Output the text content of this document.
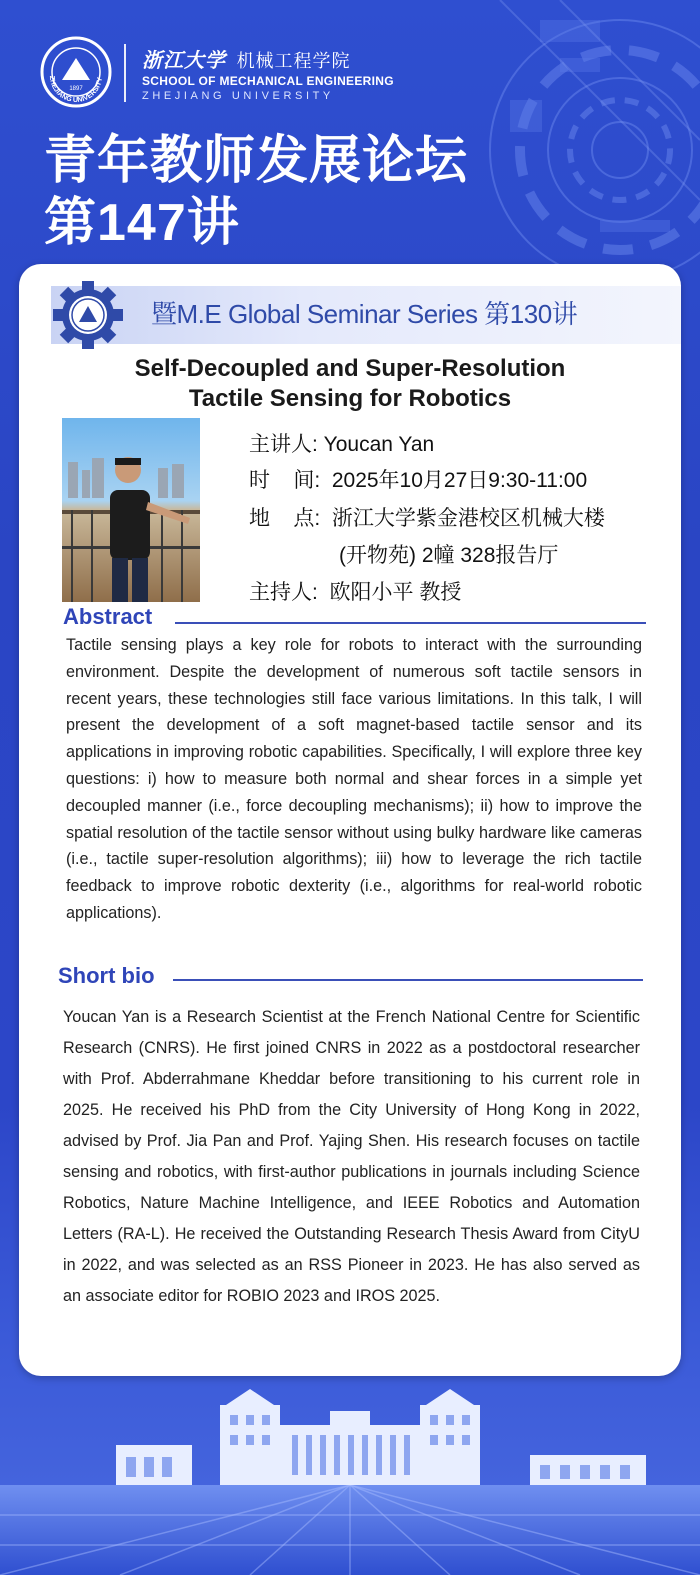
ZHEJIANG UNIVERSITY
1897
浙江大学 机械工程学院
SCHOOL OF MECHANICAL ENGINEERING
ZHEJIANG UNIVERSITY
青年教师发展论坛
第147讲
暨M.E Global Seminar Series 第130讲
Self-Decoupled and Super-Resolution
Tactile Sensing for Robotics
主讲人: Youcan Yan
时    间:  2025年10月27日9:30-11:00
地    点:  浙江大学紫金港校区机械大楼
(开物苑) 2幢 328报告厅
主持人:  欧阳小平 教授
Abstract
Tactile sensing plays a key role for robots to interact with the surrounding environment. Despite the development of numerous soft tactile sensors in recent years, these technologies still face various limitations. In this talk, I will present the development of a soft magnet-based tactile sensor and its applications in improving robotic capabilities. Specifically, I will explore three key questions: i) how to measure both normal and shear forces in a simple yet decoupled manner (i.e., force decoupling mechanisms); ii) how to improve the spatial resolution of the tactile sensor without using bulky hardware like cameras (i.e., tactile super-resolution algorithms); iii) how to leverage the rich tactile feedback to improve robotic dexterity (i.e., algorithms for real-world robotic applications).
Short bio
Youcan Yan is a Research Scientist at the French National Centre for Scientific Research (CNRS). He first joined CNRS in 2022 as a postdoctoral researcher with Prof. Abderrahmane Kheddar before transitioning to his current role in 2025. He received his PhD from the City University of Hong Kong in 2022, advised by Prof. Jia Pan and Prof. Yajing Shen. His research focuses on tactile sensing and robotics, with first-author publications in journals including Science Robotics, Nature Machine Intelligence, and IEEE Robotics and Automation Letters (RA-L). He received the Outstanding Research Thesis Award from CityU in 2022, and was selected as an RSS Pioneer in 2023. He has also served as an associate editor for ROBIO 2023 and IROS 2025.
